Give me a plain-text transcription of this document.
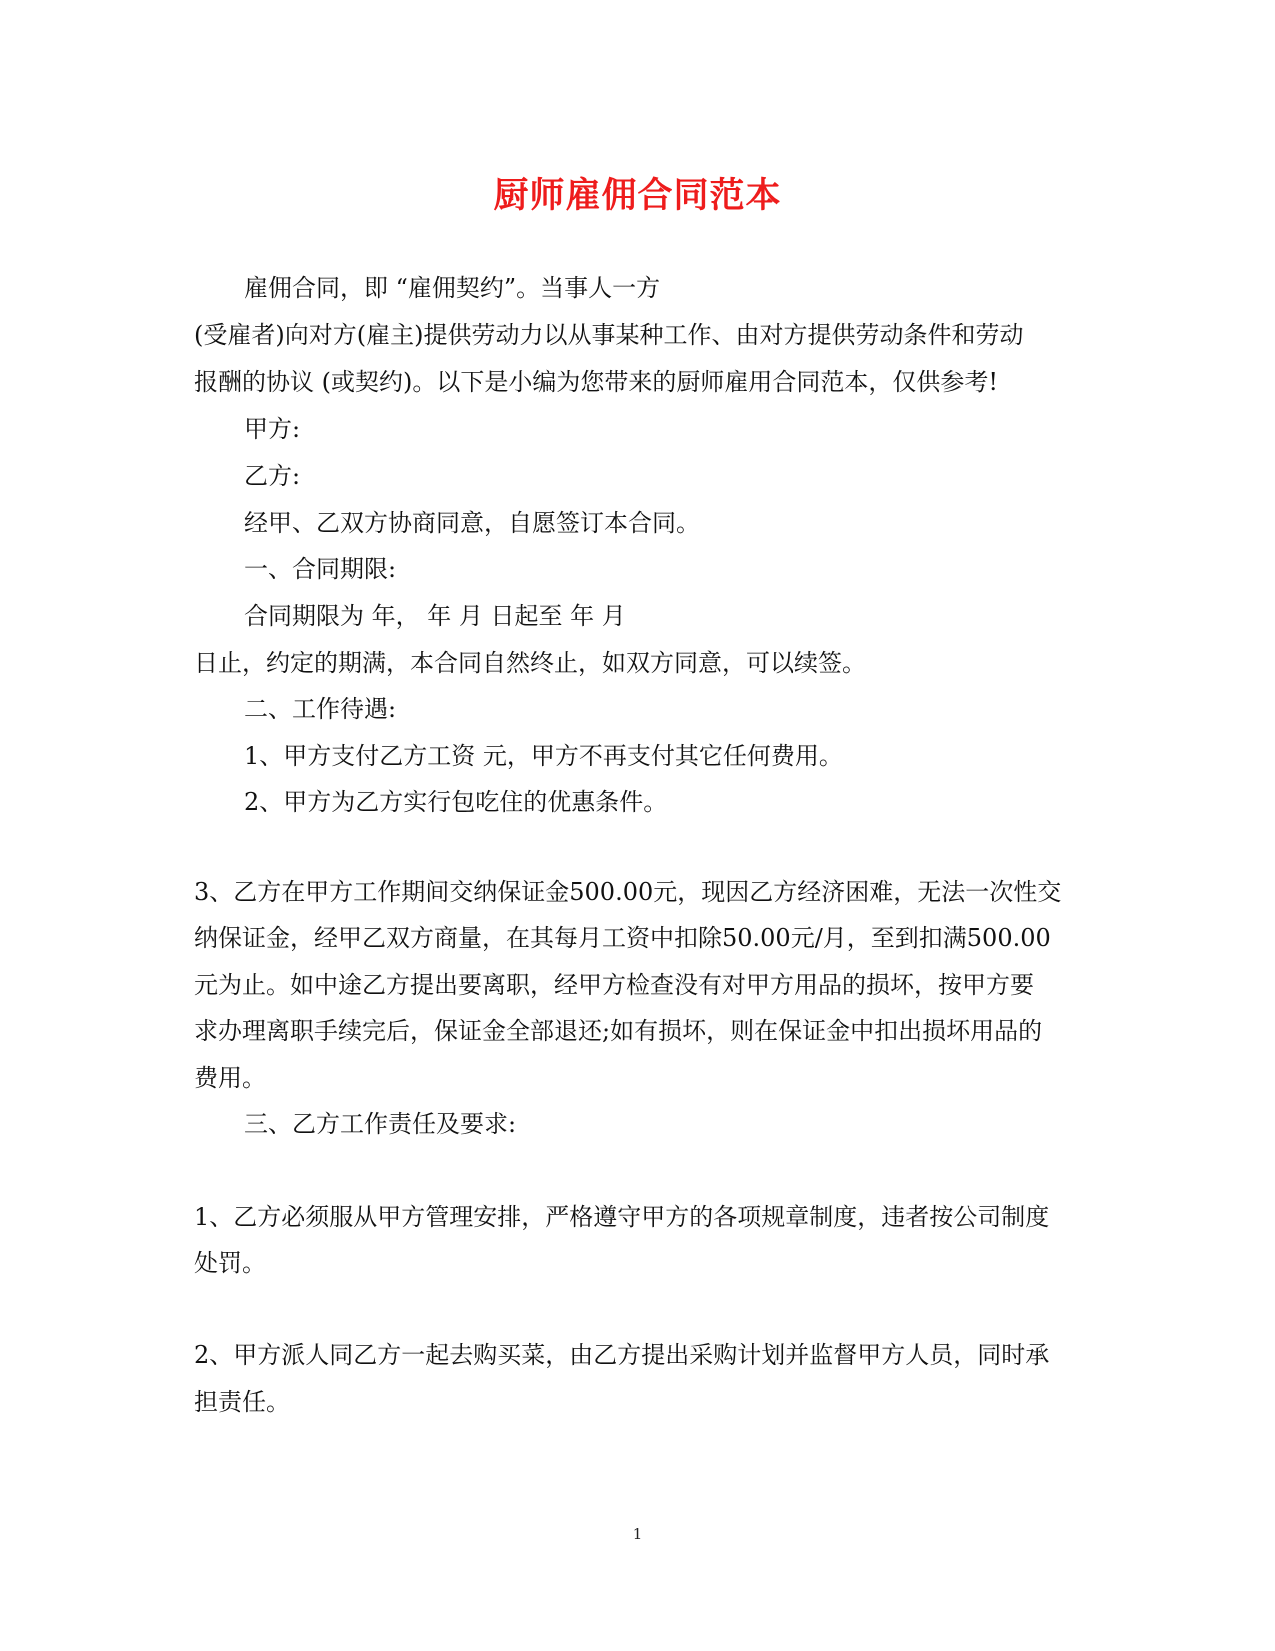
厨师雇佣合同范本
雇佣合同，即 “雇佣契约”。当事人一方
(受雇者)向对方(雇主)提供劳动力以从事某种工作、由对方提供劳动条件和劳动
报酬的协议 (或契约)。以下是小编为您带来的厨师雇用合同范本，仅供参考!
甲方:
乙方:
经甲、乙双方协商同意，自愿签订本合同。
一、合同期限:
合同期限为 年， 年 月 日起至 年 月
日止，约定的期满，本合同自然终止，如双方同意，可以续签。
二、工作待遇:
1、甲方支付乙方工资 元，甲方不再支付其它任何费用。
2、甲方为乙方实行包吃住的优惠条件。
3、乙方在甲方工作期间交纳保证金500.00元，现因乙方经济困难，无法一次性交
纳保证金，经甲乙双方商量，在其每月工资中扣除50.00元/月，至到扣满500.00
元为止。如中途乙方提出要离职，经甲方检查没有对甲方用品的损坏，按甲方要
求办理离职手续完后，保证金全部退还;如有损坏，则在保证金中扣出损坏用品的
费用。
三、乙方工作责任及要求:
1、乙方必须服从甲方管理安排，严格遵守甲方的各项规章制度，违者按公司制度
处罚。
2、甲方派人同乙方一起去购买菜，由乙方提出采购计划并监督甲方人员，同时承
担责任。
1
